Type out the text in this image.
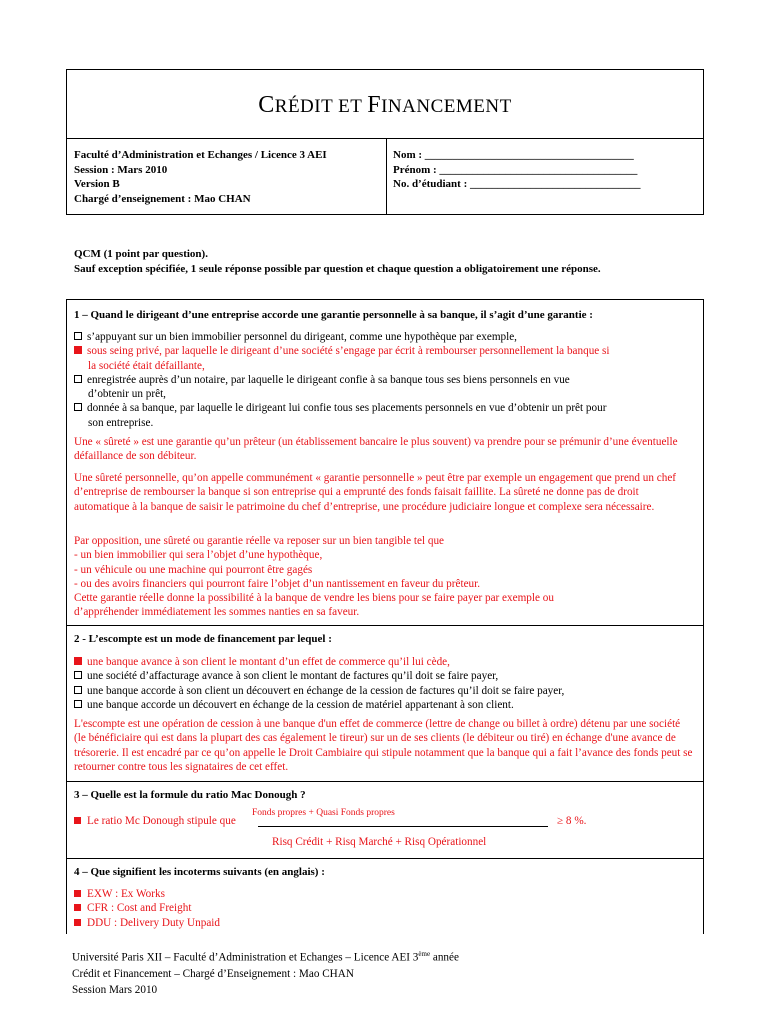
CRÉDIT ET FINANCEMENT
Faculté d’Administration et Echanges / Licence 3 AEI
Session : Mars 2010
Version B
Chargé d’enseignement : Mao CHAN
Nom : ______________________________________
Prénom : ____________________________________
No. d’étudiant : _______________________________
QCM (1 point par question).
Sauf exception spécifiée, 1 seule réponse possible par question et chaque question a obligatoirement une réponse.
1 – Quand le dirigeant d’une entreprise accorde une garantie personnelle à sa banque, il s’agit d’une garantie :
s’appuyant sur un bien immobilier personnel du dirigeant, comme une hypothèque par exemple,
sous seing privé, par laquelle le dirigeant d’une société s’engage par écrit à rembourser personnellement la banque si
la société était défaillante,
enregistrée auprès d’un notaire, par laquelle le dirigeant confie à sa banque tous ses biens personnels en vue
d’obtenir un prêt,
donnée à sa banque, par laquelle le dirigeant lui confie tous ses placements personnels en vue d’obtenir un prêt pour
son entreprise.
Une « sûreté » est une garantie qu’un prêteur (un établissement bancaire le plus souvent) va prendre pour se prémunir d’une éventuelle défaillance de son débiteur.
Une sûreté personnelle, qu’on appelle communément « garantie personnelle » peut être par exemple un engagement que prend un chef d’entreprise de rembourser la banque si son entreprise qui a emprunté des fonds faisait faillite. La sûreté ne donne pas de droit automatique à la banque de saisir le patrimoine du chef d’entreprise, une procédure judiciaire longue et complexe sera nécessaire.
Par opposition, une sûreté ou garantie réelle va reposer sur un bien tangible tel que
- un bien immobilier qui sera l’objet d’une hypothèque,
- un véhicule ou une machine qui pourront être gagés
- ou des avoirs financiers qui pourront faire l’objet d’un nantissement en faveur du prêteur.
Cette garantie réelle donne la possibilité à la banque de vendre les biens pour se faire payer par exemple ou
d’appréhender immédiatement les sommes nanties en sa faveur.
2 - L’escompte est un mode de financement par lequel :
une banque avance à son client le montant d’un effet de commerce qu’il lui cède,
une société d’affacturage avance à son client le montant de factures qu’il doit se faire payer,
une banque accorde à son client un découvert en échange de la cession de factures qu’il doit se faire payer,
une banque accorde un découvert en échange de la cession de matériel appartenant à son client.
L'escompte est une opération de cession à une banque d'un effet de commerce (lettre de change ou billet à ordre) détenu par une société (le bénéficiaire qui est dans la plupart des cas également le tireur) sur un de ses clients (le débiteur ou tiré) en échange d'une avance de trésorerie. Il est encadré par ce qu’on appelle le Droit Cambiaire qui stipule notamment que la banque qui a fait l’avance des fonds peut se retourner contre tous les signataires de cet effet.
3 – Quelle est la formule du ratio Mac Donough ?
4 – Que signifient les incoterms suivants (en anglais) :
EXW : Ex Works
CFR : Cost and Freight
DDU : Delivery Duty Unpaid
Le ratio Mc Donough stipule que
Fonds propres + Quasi Fonds propres
≥ 8 %.
Risq Crédit + Risq Marché + Risq Opérationnel
Université Paris XII – Faculté d’Administration et Echanges – Licence AEI 3ème année
Crédit et Financement – Chargé d’Enseignement : Mao CHAN
Session Mars 2010
